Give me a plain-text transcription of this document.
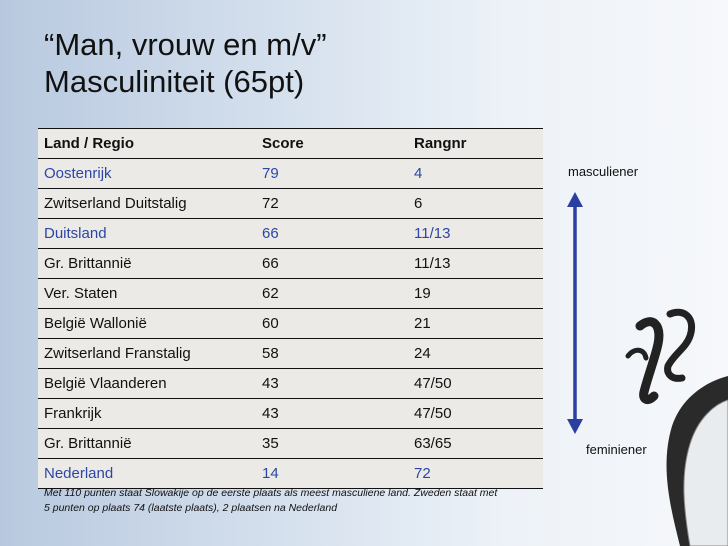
“Man, vrouw en m/v”
Masculiniteit (65pt)
Land / Regio	Score	Rangnr
Oostenrijk	79	4
Zwitserland Duitstalig	72	6
Duitsland	66	11/13
Gr. Brittannië	66	11/13
Ver. Staten	62	19
België Wallonië	60	21
Zwitserland Franstalig	58	24
België Vlaanderen	43	47/50
Frankrijk	43	47/50
Gr. Brittannië	35	63/65
Nederland	14	72
masculiener
feminiener
Met 110 punten staat Slowakije op de eerste plaats als meest masculiene land. Zweden staat met
5 punten op plaats 74 (laatste plaats), 2 plaatsen na Nederland
